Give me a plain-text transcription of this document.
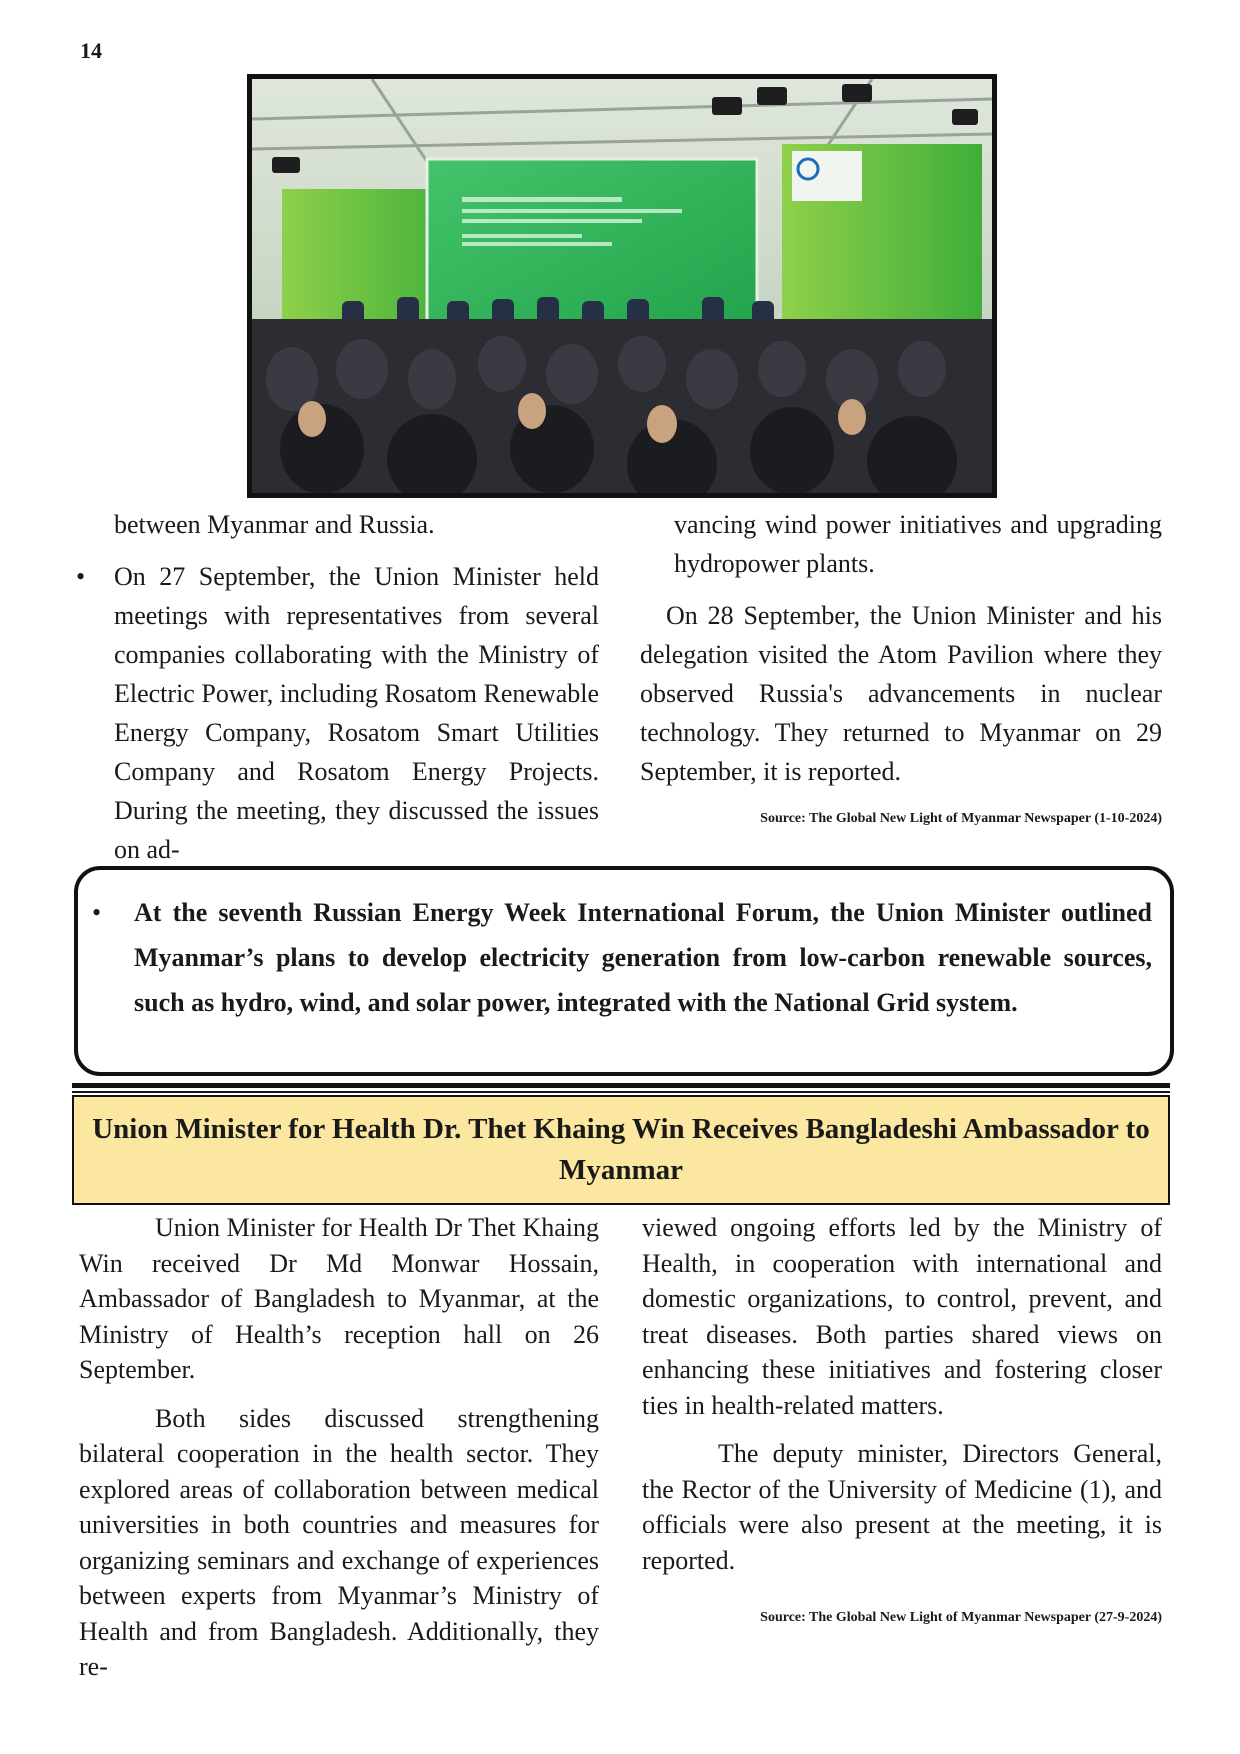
14

between Myanmar and Russia.

•	On 27 September, the Union Minister held meetings with representatives from several companies collaborating with the Ministry of Electric Power, including Rosatom Renewable Energy Company, Rosatom Smart Utilities Company and Rosatom Energy Projects. During the meeting, they discussed the issues on ad-

vancing wind power initiatives and upgrading hydropower plants.

On 28 September, the Union Minister and his delegation visited the Atom Pavilion where they observed Russia's advancements in nuclear technology. They returned to Myanmar on 29 September, it is reported.

Source: The Global New Light of Myanmar Newspaper (1-10-2024)

•	At the seventh Russian Energy Week International Forum, the Union Minister outlined Myanmar’s plans to develop electricity generation from low-carbon renewable sources, such as hydro, wind, and solar power, integrated with the National Grid system.
Union Minister for Health Dr. Thet Khaing Win Receives Bangladeshi Ambassador to Myanmar

Union Minister for Health Dr Thet Khaing Win received Dr Md Monwar Hossain, Ambassador of Bangladesh to Myanmar, at the Ministry of Health’s reception hall on 26 September.

Both sides discussed strengthening bilateral cooperation in the health sector. They explored areas of collaboration between medical universities in both countries and measures for organizing seminars and exchange of experiences between experts from Myanmar’s Ministry of Health and from Bangladesh. Additionally, they re-

viewed ongoing efforts led by the Ministry of Health, in cooperation with international and domestic organizations, to control, prevent, and treat diseases. Both parties shared views on enhancing these initiatives and fostering closer ties in health-related matters.

The deputy minister, Directors General, the Rector of the University of Medicine (1), and officials were also present at the meeting, it is reported.

Source: The Global New Light of Myanmar Newspaper (27-9-2024)
